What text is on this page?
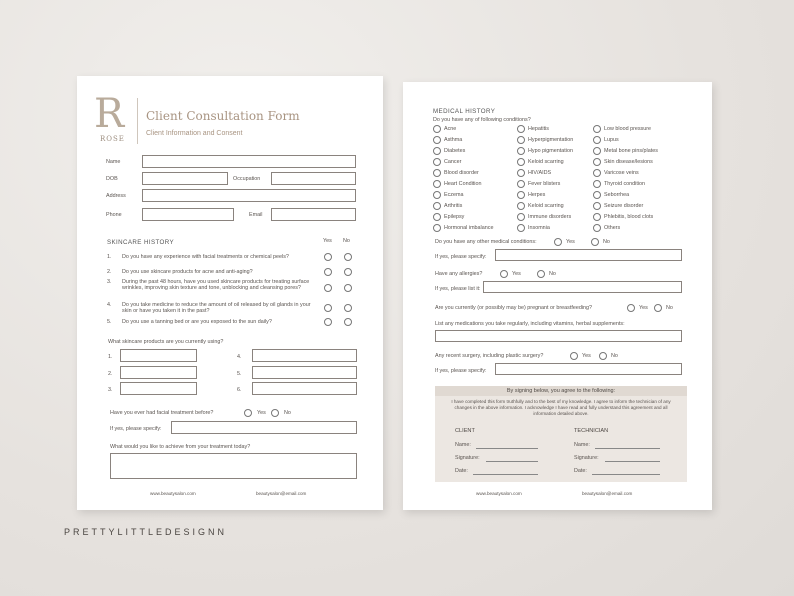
R
ROSE
Client Consultation Form
Client Information and Consent
Name
DOB	Occupation
Address
Phone	Email
SKINCARE HISTORY	Yes No
1. Do you have any experience with facial treatments or chemical peels?
2. Do you use skincare products for acne and anti-aging?
3. During the past 48 hours, have you used skincare products for treating surface wrinkles, improving skin texture and tone, unblocking and cleansing pores?
4. Do you take medicine to reduce the amount of oil released by oil glands in your skin or have you taken it in the past?
5. Do you use a tanning bed or are you exposed to the sun daily?
What skincare products are you currently using?
1.
2.
3.
4.
5.
6.
Have you ever had facial treatment before?	Yes	No
If yes, please specify:
What would you like to achieve from your treatment today?
www.beautysalon.com	beautysalon@email.com
MEDICAL HISTORY
Do you have any of following conditions?
Acne
Asthma
Diabetes
Cancer
Blood disorder
Heart Condition
Eczema
Arthritis
Epilepsy
Hormonal imbalance
Hepatitis
Hyperpigmentation
Hypo pigmentation
Keloid scarring
HIV/AIDS
Fever blisters
Herpes
Keloid scarring
Immune disorders
Insomnia
Low blood pressure
Lupus
Metal bone pins/plates
Skin disease/lesions
Varicose veins
Thyroid condition
Seborrhea
Seizure disorder
Phlebitis, blood clots
Others
Do you have any other medical conditions:	Yes	No
If yes, please specify:
Have any allergies?	Yes	No
If yes, please list it:
Are you currently (or possibly may be) pregnant or breastfeeding?	Yes	No
List any medications you take regularly, including vitamins, herbal supplements:
Any recent surgery, including plastic surgery?	Yes	No
If yes, please specify:
By signing below, you agree to the following:
I have completed this form truthfully and to the best of my knowledge. I agree to inform the technician of any changes in the above information. I acknowledge I have read and fully understand this agreement and all information detailed above.
CLIENT
Name:
Signature:
Date:
TECHNICIAN
Name:
Signature:
Date:
www.beautysalon.com	beautysalon@email.com
PRETTYLITTLEDESIGNN
